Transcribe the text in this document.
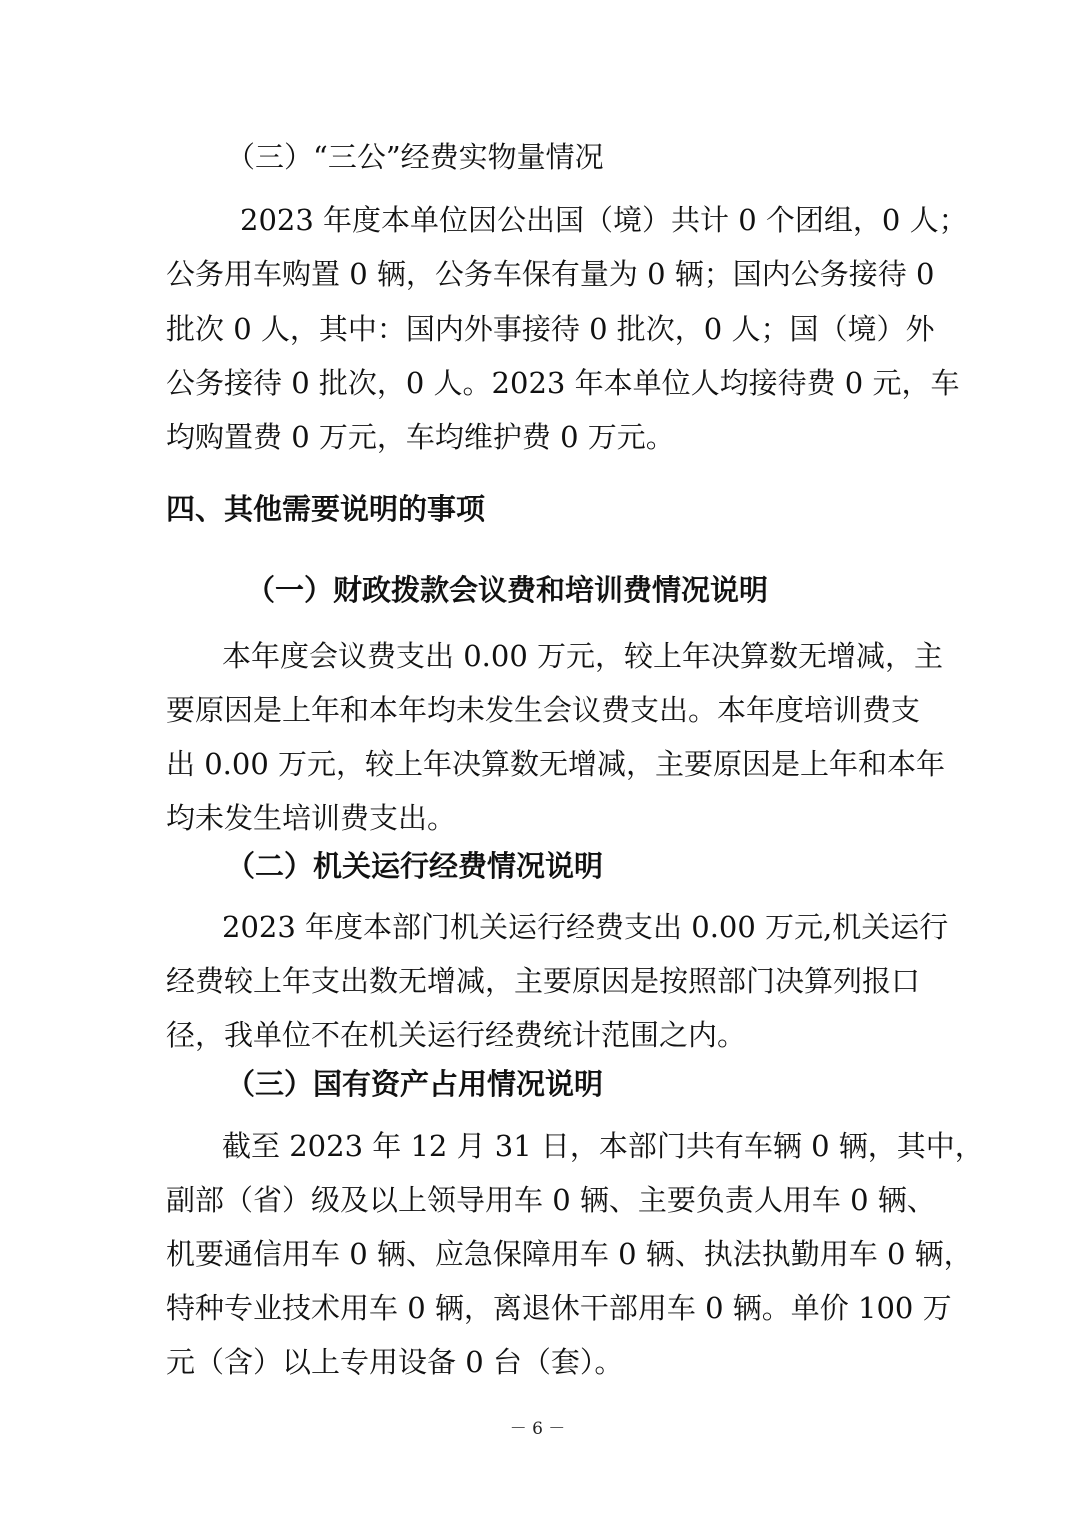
（三）“三公”经费实物量情况
2023 年度本单位因公出国（境）共计 0 个团组，0 人；
公务用车购置 0 辆，公务车保有量为 0 辆；国内公务接待 0
批次 0 人，其中：国内外事接待 0 批次，0 人；国（境）外
公务接待 0 批次，0 人。2023 年本单位人均接待费 0 元，车
均购置费 0 万元，车均维护费 0 万元。
四、其他需要说明的事项
（一）财政拨款会议费和培训费情况说明
本年度会议费支出 0.00 万元，较上年决算数无增减，主
要原因是上年和本年均未发生会议费支出。本年度培训费支
出 0.00 万元，较上年决算数无增减，主要原因是上年和本年
均未发生培训费支出。
（二）机关运行经费情况说明
2023 年度本部门机关运行经费支出 0.00 万元,机关运行
经费较上年支出数无增减，主要原因是按照部门决算列报口
径，我单位不在机关运行经费统计范围之内。
（三）国有资产占用情况说明
截至 2023 年 12 月 31 日，本部门共有车辆 0 辆，其中，
副部（省）级及以上领导用车 0 辆、主要负责人用车 0 辆、
机要通信用车 0 辆、应急保障用车 0 辆、执法执勤用车 0 辆，
特种专业技术用车 0 辆，离退休干部用车 0 辆。单价 100 万
元（含）以上专用设备 0 台（套）。
－ 6 －
